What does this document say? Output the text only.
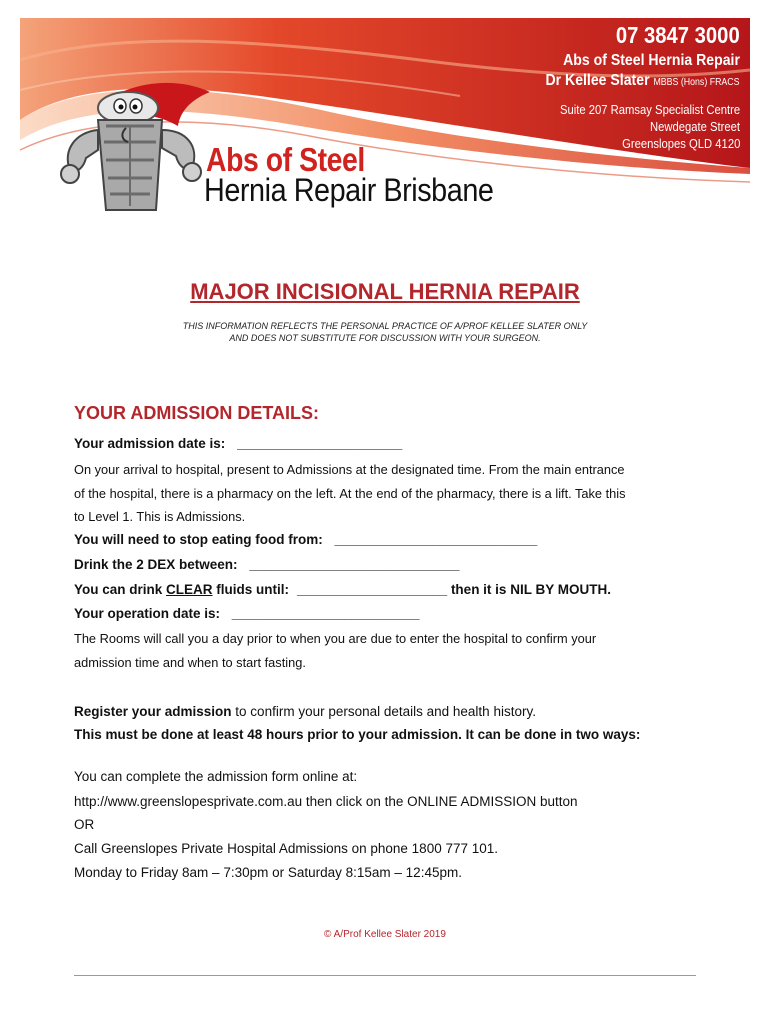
07 3847 3000
Abs of Steel Hernia Repair
Dr Kellee Slater MBBS (Hons) FRACS
Suite 207 Ramsay Specialist Centre
Newdegate Street
Greenslopes QLD 4120
Abs of Steel
Hernia Repair Brisbane
MAJOR INCISIONAL HERNIA REPAIR
THIS INFORMATION REFLECTS THE PERSONAL PRACTICE OF A/PROF KELLEE SLATER ONLY
AND DOES NOT SUBSTITUTE FOR DISCUSSION WITH YOUR SURGEON.
YOUR ADMISSION DETAILS:
Your admission date is: ______________________
On your arrival to hospital, present to Admissions at the designated time. From the main entrance
of the hospital, there is a pharmacy on the left. At the end of the pharmacy, there is a lift. Take this
to Level 1. This is Admissions.
You will need to stop eating food from: ___________________________
Drink the 2 DEX between: ____________________________
You can drink CLEAR fluids until: ____________________ then it is NIL BY MOUTH.
Your operation date is: _________________________
The Rooms will call you a day prior to when you are due to enter the hospital to confirm your
admission time and when to start fasting.
Register your admission to confirm your personal details and health history.
This must be done at least 48 hours prior to your admission. It can be done in two ways:
You can complete the admission form online at:
http://www.greenslopesprivate.com.au then click on the ONLINE ADMISSION button
OR
Call Greenslopes Private Hospital Admissions on phone 1800 777 101.
Monday to Friday 8am – 7:30pm or Saturday 8:15am – 12:45pm.
© A/Prof Kellee Slater 2019
